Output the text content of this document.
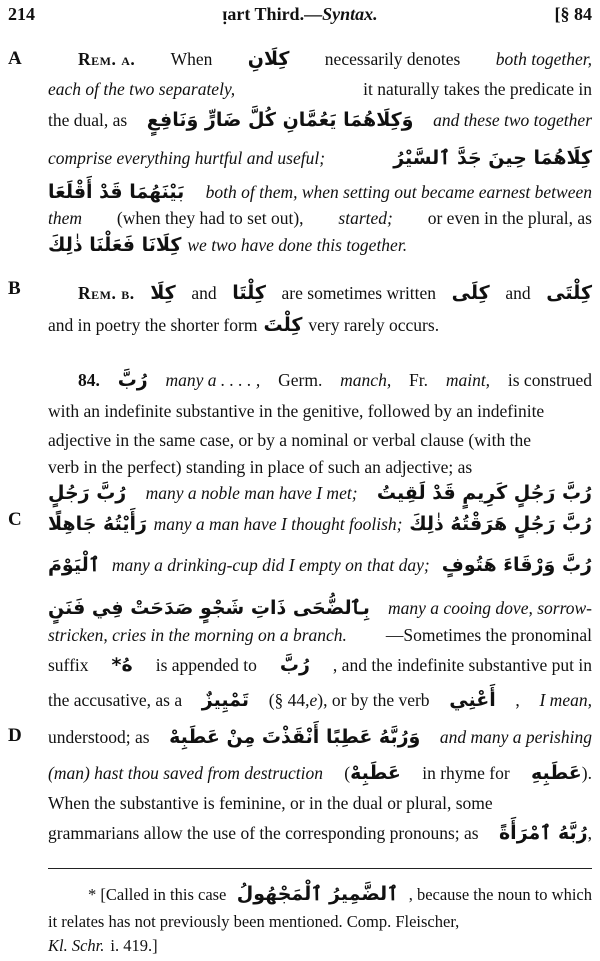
214	ᴉart Third.—Syntax.	[§ 84
A
B
C
D
Rem. a. When كِلَانِ necessarily denotes both together,
each of the two separately,	it naturally takes the predicate in
the dual, as وَكِلَاهُمَا يَعُمَّانِ كُلَّ ضَارٍّ وَنَافِعٍ and these two together
comprise everything hurtful and useful;	كِلَاهُمَا حِينَ جَدَّ ٱلسَّيْرُ
بَيْنَهُمَا قَدْ أَقْلَعَا both of them, when setting out became earnest between
them (when they had to set out), started; or even in the plural, as
كِلَانَا فَعَلْنَا ذٰلِكَ we two have done this together.
Rem. b. كِلَا and كِلْتَا are sometimes written كِلَى and كِلْتَى
and in poetry the shorter form كِلْتَ very rarely occurs.
84. رُبَّ many a . . . . , Germ. manch, Fr. maint, is construed
with an indefinite substantive in the genitive, followed by an indefinite
adjective in the same case, or by a nominal or verbal clause (with the
verb in the perfect) standing in place of such an adjective; as
رُبَّ رَجُلٍ many a noble man have I met; رُبَّ رَجُلٍ كَرِيمٍ قَدْ لَقِيتُ
رَأَيْتُهُ جَاهِلًا many a man have I thought foolish; رُبَّ رَجُلٍ هَرَقْتُهُ ذٰلِكَ
ٱلْيَوْمَ many a drinking-cup did I empty on that day; رُبَّ وَرْقَاءَ هَتُوفٍ
بِٱلضُّحَى ذَاتِ شَجْوٍ صَدَحَتْ فِي فَنَنٍ many a cooing dove, sorrow-
stricken, cries in the morning on a branch. —Sometimes the pronominal
suffix هُ* is appended to رُبَّ , and the indefinite substantive put in
the accusative, as a تَمْيِيزٌ (§ 44,e), or by the verb أَعْنِي , I mean,
understood; as وَرُبَّهُ عَطِبًا أَنْقَذْتَ مِنْ عَطَبِهْ and many a perishing
(man) hast thou saved from destruction (عَطَبِهْ in rhyme for عَطَبِهِ).
When the substantive is feminine, or in the dual or plural, some
grammarians allow the use of the corresponding pronouns; as رُبَّهُ ٱمْرَأَةً,
* [Called in this case ٱلضَّمِيرُ ٱلْمَجْهُولُ , because the noun to which
it relates has not previously been mentioned. Comp. Fleischer,
Kl. Schr. i. 419.]
